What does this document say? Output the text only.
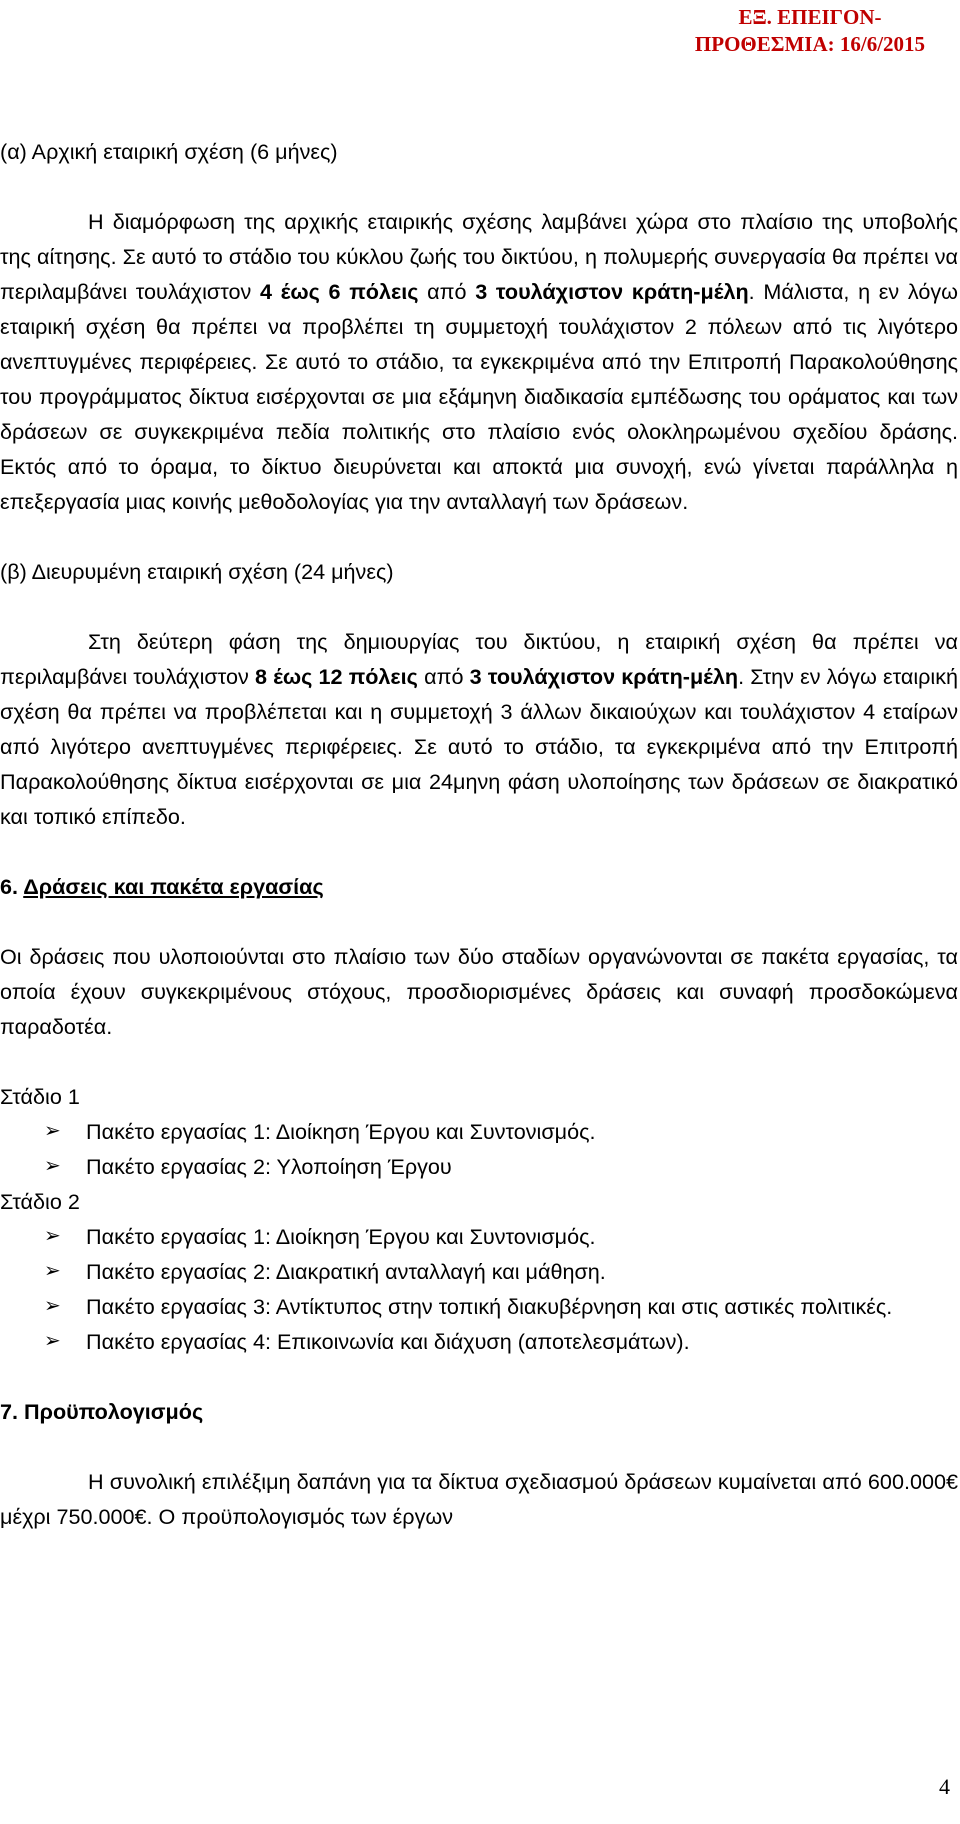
ΕΞ. ΕΠΕΙΓΟΝ-
ΠΡΟΘΕΣΜΙΑ: 16/6/2015

(α) Αρχική εταιρική σχέση (6 μήνες)

Η διαμόρφωση της αρχικής εταιρικής σχέσης λαμβάνει χώρα στο πλαίσιο της υποβολής της αίτησης. Σε αυτό το στάδιο του κύκλου ζωής του δικτύου, η πολυμερής συνεργασία θα πρέπει να περιλαμβάνει τουλάχιστον 4 έως 6 πόλεις από 3 τουλάχιστον κράτη-μέλη. Μάλιστα, η εν λόγω εταιρική σχέση θα πρέπει να προβλέπει τη συμμετοχή τουλάχιστον 2 πόλεων από τις λιγότερο ανεπτυγμένες περιφέρειες. Σε αυτό το στάδιο, τα εγκεκριμένα από την Επιτροπή Παρακολούθησης του προγράμματος δίκτυα εισέρχονται σε μια εξάμηνη διαδικασία εμπέδωσης του οράματος και των δράσεων σε συγκεκριμένα πεδία πολιτικής στο πλαίσιο ενός ολοκληρωμένου σχεδίου δράσης. Εκτός από το όραμα, το δίκτυο διευρύνεται και αποκτά μια συνοχή, ενώ γίνεται παράλληλα η επεξεργασία μιας κοινής μεθοδολογίας για την ανταλλαγή των δράσεων.

(β) Διευρυμένη εταιρική σχέση (24 μήνες)

Στη δεύτερη φάση της δημιουργίας του δικτύου, η εταιρική σχέση θα πρέπει να περιλαμβάνει τουλάχιστον 8 έως 12 πόλεις από 3 τουλάχιστον κράτη-μέλη. Στην εν λόγω εταιρική σχέση θα πρέπει να προβλέπεται και η συμμετοχή 3 άλλων δικαιούχων και τουλάχιστον 4 εταίρων από λιγότερο ανεπτυγμένες περιφέρειες. Σε αυτό το στάδιο, τα εγκεκριμένα από την Επιτροπή Παρακολούθησης δίκτυα εισέρχονται σε μια 24μηνη φάση υλοποίησης των δράσεων σε διακρατικό και τοπικό επίπεδο.

6. Δράσεις και πακέτα εργασίας

Οι δράσεις που υλοποιούνται στο πλαίσιο των δύο σταδίων οργανώνονται σε πακέτα εργασίας, τα οποία έχουν συγκεκριμένους στόχους, προσδιορισμένες δράσεις και συναφή προσδοκώμενα παραδοτέα.

Στάδιο 1

➢ Πακέτο εργασίας 1: Διοίκηση Έργου και Συντονισμός.
➢ Πακέτο εργασίας 2: Υλοποίηση Έργου

Στάδιο 2

➢ Πακέτο εργασίας 1: Διοίκηση Έργου και Συντονισμός.
➢ Πακέτο εργασίας 2: Διακρατική ανταλλαγή και μάθηση.
➢ Πακέτο εργασίας 3: Αντίκτυπος στην τοπική διακυβέρνηση και στις αστικές πολιτικές.
➢ Πακέτο εργασίας 4: Επικοινωνία και διάχυση (αποτελεσμάτων).

7. Προϋπολογισμός

Η συνολική επιλέξιμη δαπάνη για τα δίκτυα σχεδιασμού δράσεων κυμαίνεται από 600.000€ μέχρι 750.000€. Ο προϋπολογισμός των έργων

4
